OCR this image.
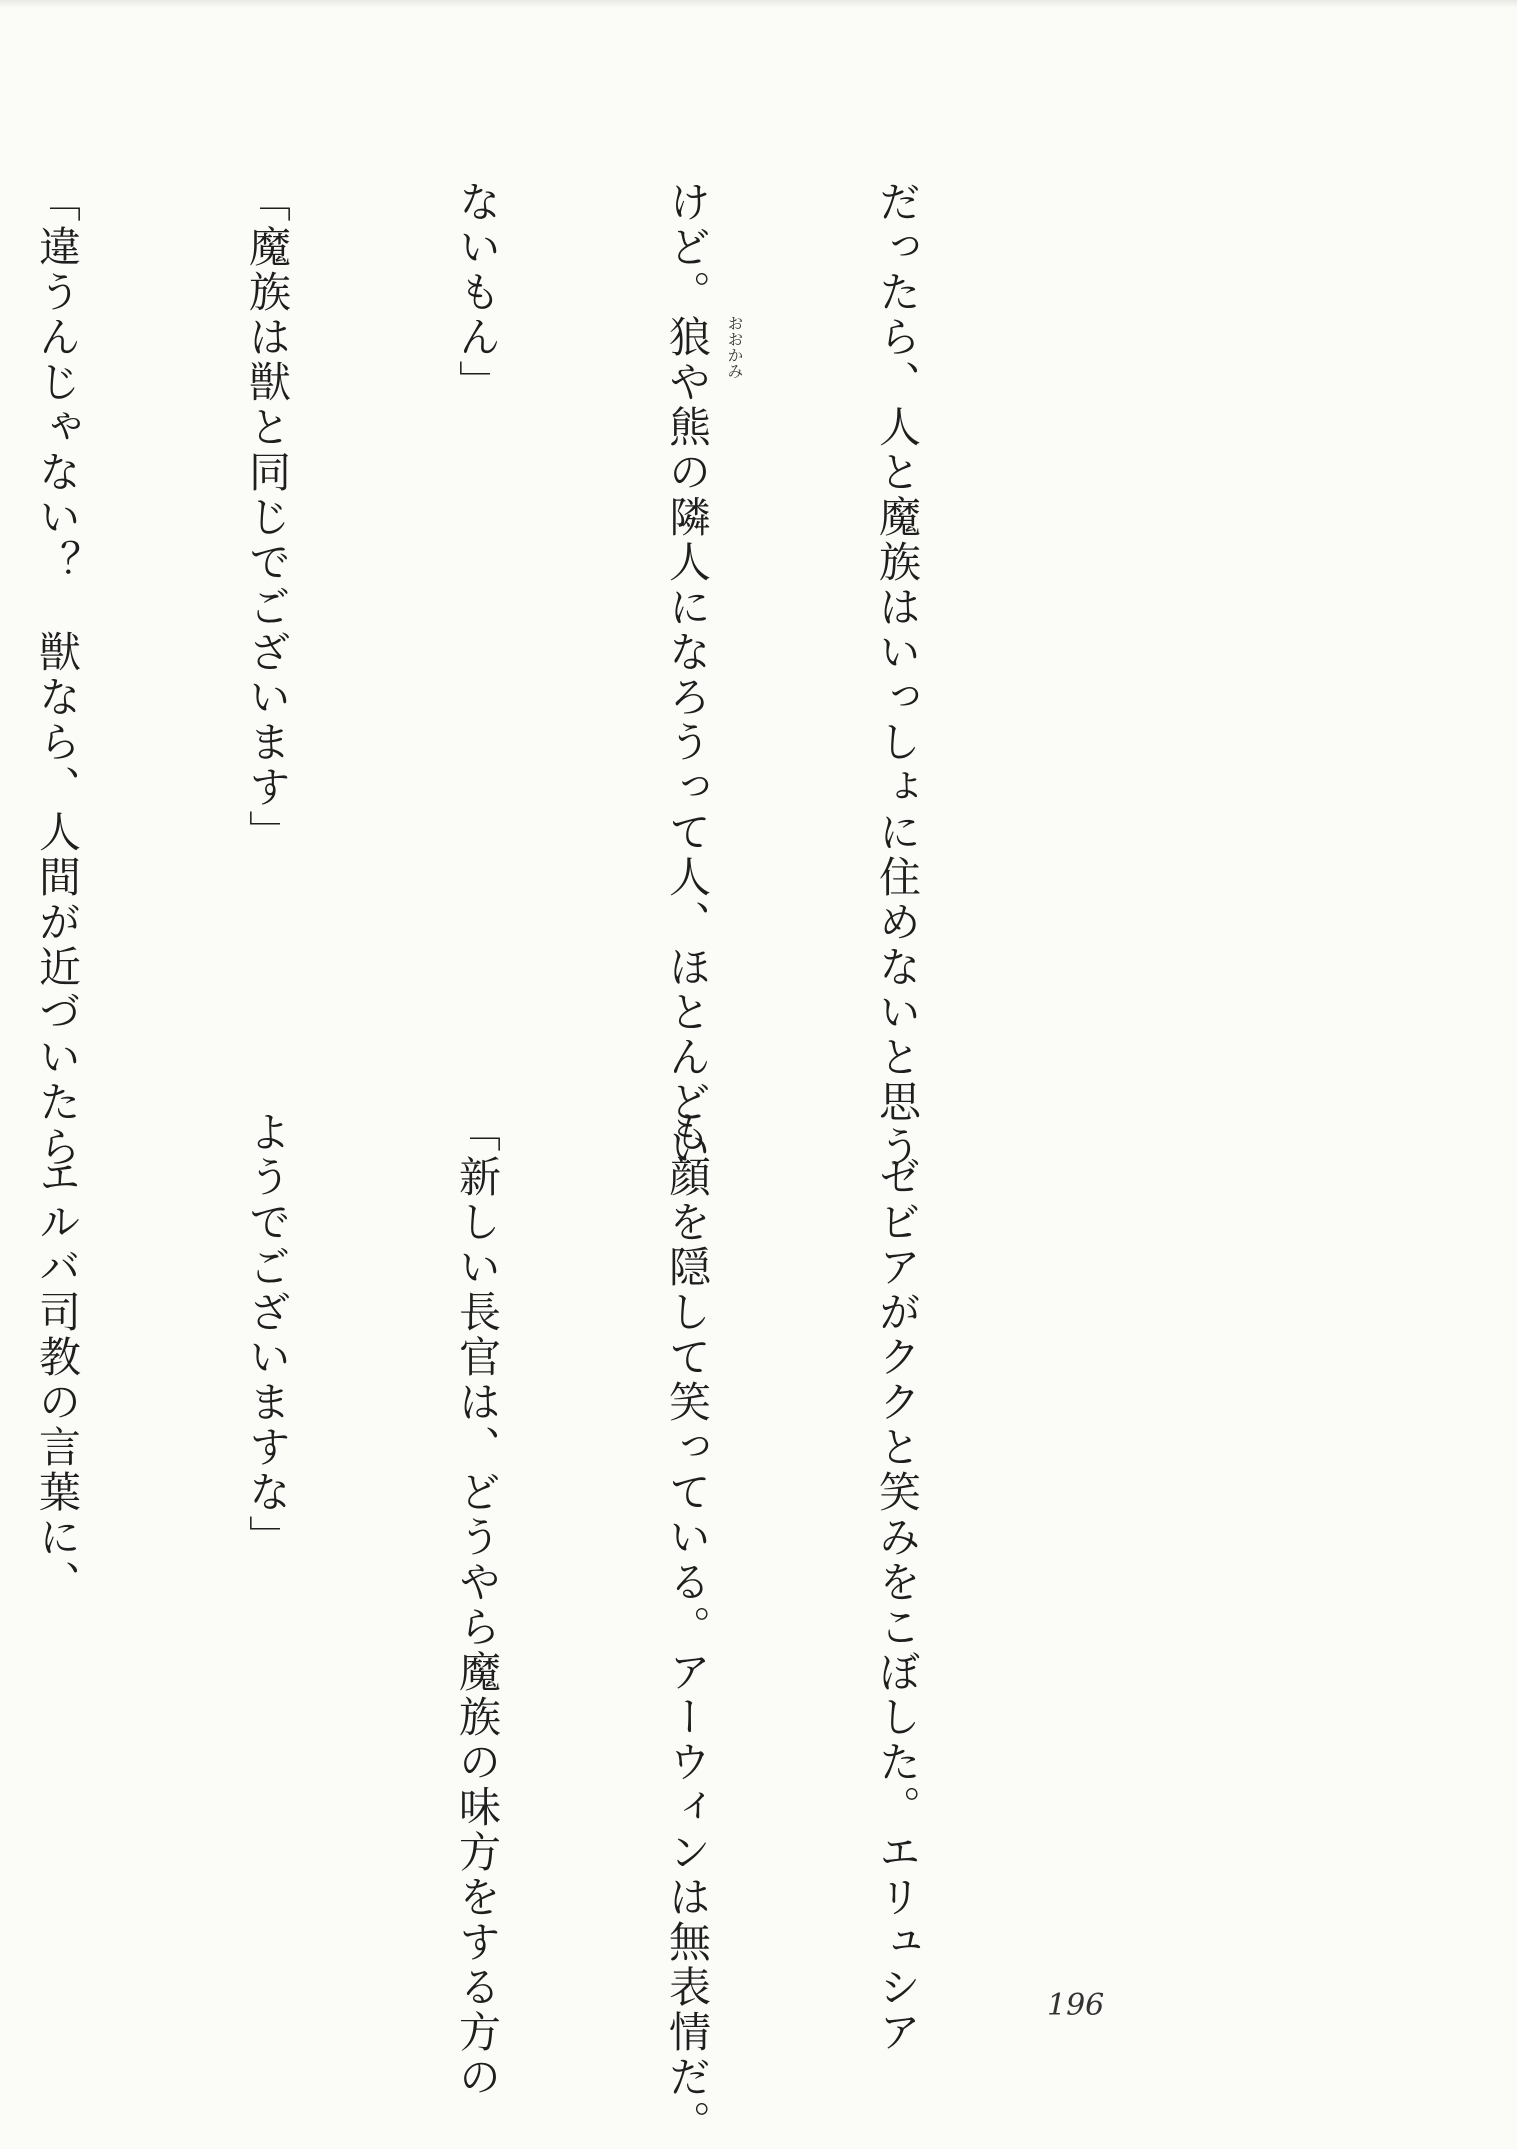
だったら、人と魔族はいっしょに住めないと思う

けど。狼 おおかみ
や熊の隣人になろうって人、ほとんどい

ないもん」

「魔族は獣と同じでございます」

「違うんじゃない？　獣なら、人間が近づいたら

　ゼビアがククと笑みをこぼした。エリュシア

も顔を隠して笑っている。アーウィンは無表情だ。

「新しい長官は、どうやら魔族の味方をする方の

ようでございますな」

　エルバ司教の言葉に、

196
